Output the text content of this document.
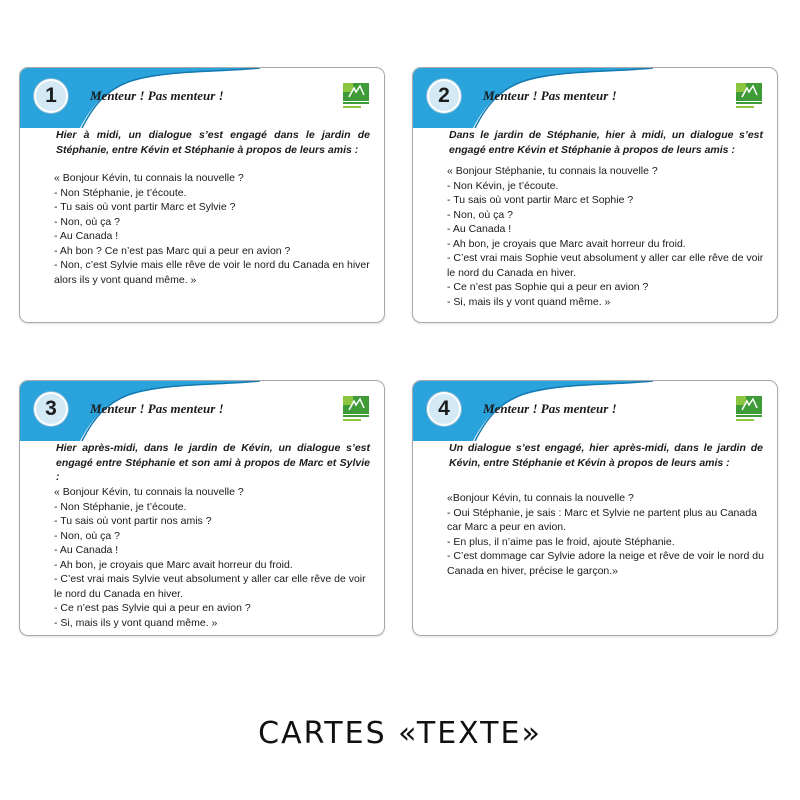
1	Menteur ! Pas menteur !
Hier à midi, un dialogue s’est engagé dans le jardin de Stéphanie, entre Kévin et Stéphanie à propos de leurs amis :
« Bonjour Kévin, tu connais la nouvelle ?
- Non Stéphanie, je t’écoute.
- Tu sais où vont partir Marc et Sylvie ?
- Non, où ça ?
- Au Canada !
- Ah bon ? Ce n’est pas Marc qui a peur en avion ?
- Non, c’est Sylvie mais elle rêve de voir le nord du Canada en hiver alors ils y vont quand même. »
2	Menteur ! Pas menteur !
Dans le jardin de Stéphanie, hier à midi, un dialogue s’est engagé entre Kévin et Stéphanie à propos de leurs amis :
« Bonjour Stéphanie, tu connais la nouvelle ?
- Non Kévin, je t’écoute.
- Tu sais où vont partir Marc et Sophie ?
- Non, où ça ?
- Au Canada !
- Ah bon, je croyais que Marc avait horreur du froid.
- C’est vrai mais Sophie veut absolument y aller car elle rêve de voir le nord du Canada en hiver.
- Ce n’est pas Sophie qui a peur en avion ?
- Si, mais ils y vont quand même. »
3	Menteur ! Pas menteur !
Hier après-midi, dans le jardin de Kévin, un dialogue s’est engagé entre Stéphanie et son ami à propos de Marc et Sylvie :
« Bonjour Kévin, tu connais la nouvelle ?
- Non Stéphanie, je t’écoute.
- Tu sais où vont partir nos amis ?
- Non, où ça ?
- Au Canada !
- Ah bon, je croyais que Marc avait horreur du froid.
- C’est vrai mais Sylvie veut absolument y aller car elle rêve de voir le nord du Canada en hiver.
- Ce n’est pas Sylvie qui a peur en avion ?
- Si, mais ils y vont quand même. »
4	Menteur ! Pas menteur !
Un dialogue s’est engagé, hier après-midi, dans le jardin de Kévin, entre Stéphanie et Kévin à propos de leurs amis :
«Bonjour Kévin, tu connais la nouvelle ?
- Oui Stéphanie, je sais : Marc et Sylvie ne partent plus au Canada car Marc a peur en avion.
- En plus, il n’aime pas le froid, ajoute Stéphanie.
- C’est dommage car Sylvie adore la neige et rêve de voir le nord du Canada en hiver, précise le garçon.»
CARTES «TEXTE»
